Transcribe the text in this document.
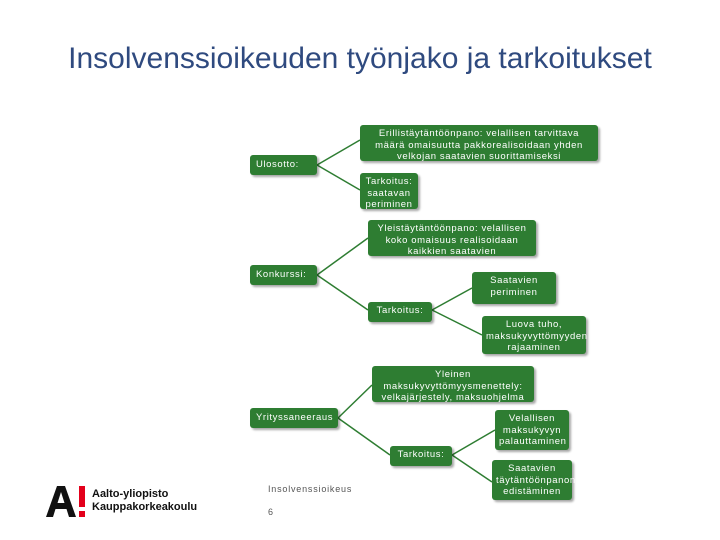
Insolvenssioikeuden työnjako ja tarkoitukset
Erillistäytäntöönpano: velallisen tarvittava määrä omaisuutta pakkorealisoidaan yhden velkojan saatavien suorittamiseksi
Ulosotto:
Tarkoitus: saatavan periminen
Yleistäytäntöönpano: velallisen koko omaisuus realisoidaan kaikkien saatavien suorittamiseksi
Konkurssi:
Saatavien periminen
Tarkoitus:
Luova tuho, maksukyvyttömyyden rajaaminen
Yleinen maksukyvyttömyysmenettely: velkajärjestely, maksuohjelma
Yrityssaneeraus	Velallisen maksukyvyn palauttaminen
Tarkoitus:
Saatavien täytäntöönpanon edistäminen
Aalto-yliopisto
Kauppakorkeakoulu
Insolvenssioikeus
6
